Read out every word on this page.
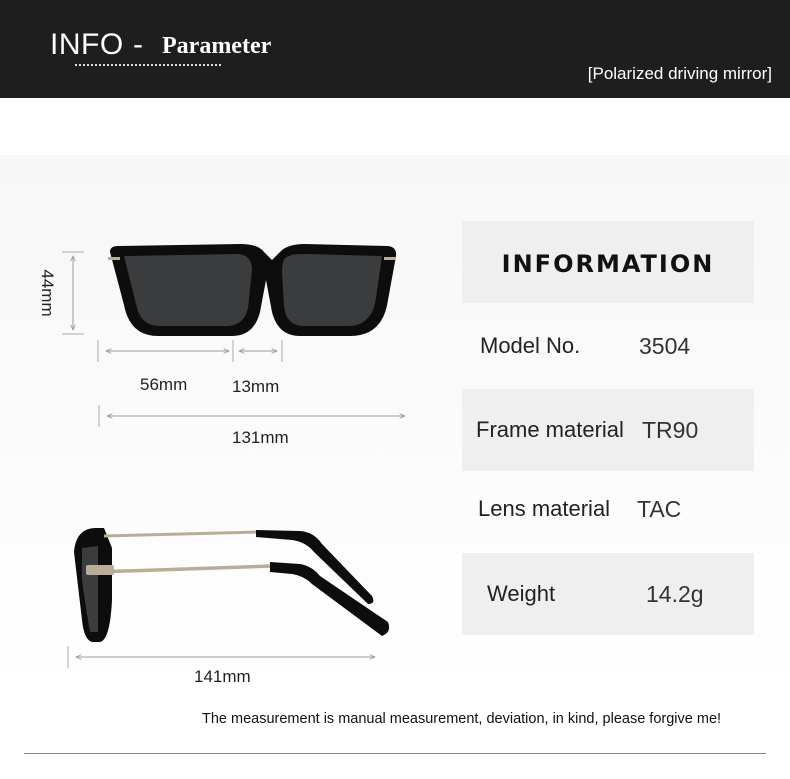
INFO - Parameter
[Polarized driving mirror]
44mm
56mm	13mm
131mm
141mm
INFORMATION
Model No.	3504
Frame material TR90
Lens material TAC
Weight	14.2g
The measurement is manual measurement, deviation, in kind, please forgive me!
